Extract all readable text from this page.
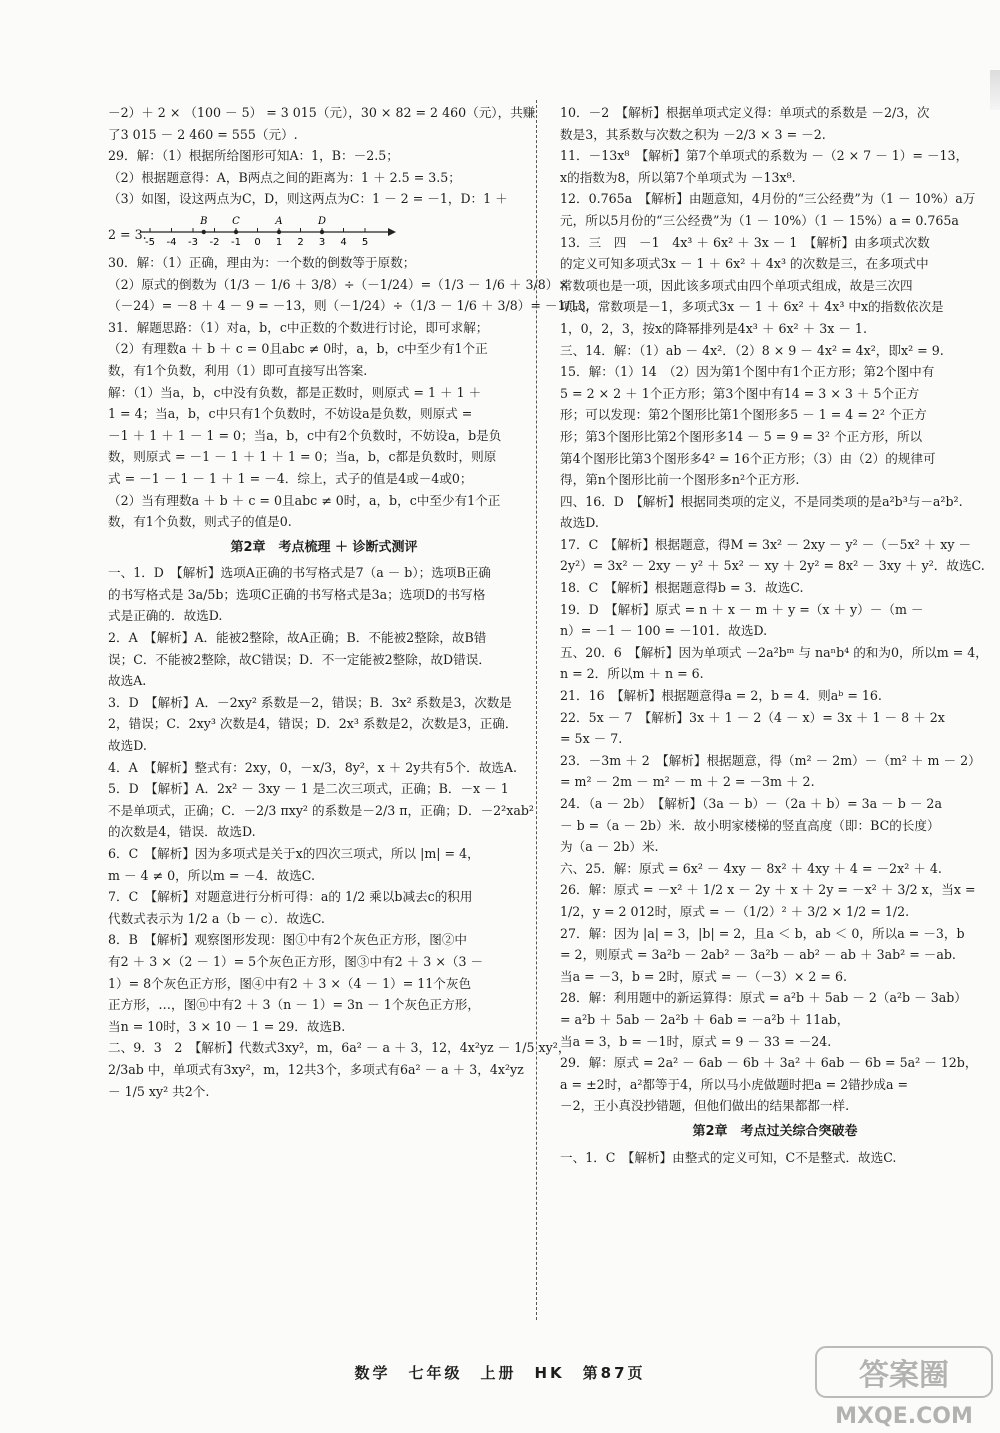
－2）＋ 2 × （100 － 5） = 3 015（元），30 × 82 = 2 460（元），共赚
了3 015 － 2 460 = 555（元）.
29．解：（1）根据所给图形可知A：1，B：－2.5；
（2）根据题意得：A，B两点之间的距离为：1 ＋ 2.5 = 3.5；
（3）如图，设这两点为C，D，则这两点为C：1 － 2 = －1，D：1 ＋
2 = 3.
-5 -4 -3 -2 -1 0 1 2 3 4 5
B C	A	D
30．解：（1）正确，理由为：一个数的倒数等于原数；
（2）原式的倒数为（1/3 － 1/6 ＋ 3/8）÷（－1/24）=（1/3 － 1/6 ＋ 3/8）×
（－24）= －8 ＋ 4 － 9 = －13，则（－1/24）÷（1/3 － 1/6 ＋ 3/8）= －1/13.
31．解题思路：（1）对a，b，c中正数的个数进行讨论，即可求解；
（2）有理数a ＋ b ＋ c = 0且abc ≠ 0时，a，b，c中至少有1个正
数，有1个负数，利用（1）即可直接写出答案.
解：（1）当a，b，c中没有负数，都是正数时，则原式 = 1 ＋ 1 ＋
1 = 4；当a，b，c中只有1个负数时，不妨设a是负数，则原式 =
－1 ＋ 1 ＋ 1 － 1 = 0；当a，b，c中有2个负数时，不妨设a，b是负
数，则原式 = －1 － 1 ＋ 1 ＋ 1 = 0；当a，b，c都是负数时，则原
式 = －1 － 1 － 1 ＋ 1 = －4．综上，式子的值是4或－4或0；
（2）当有理数a ＋ b ＋ c = 0且abc ≠ 0时，a，b，c中至少有1个正
数，有1个负数，则式子的值是0.
第2章　考点梳理 ＋ 诊断式测评
一、1．D　【解析】选项A正确的书写格式是7（a － b）；选项B正确
的书写格式是 3a/5b；选项C正确的书写格式是3a；选项D的书写格
式是正确的．故选D.
2．A　【解析】A．能被2整除，故A正确；B．不能被2整除，故B错
误；C．不能被2整除，故C错误；D．不一定能被2整除，故D错误．
故选A.
3．D　【解析】A．－2xy² 系数是－2，错误；B．3x² 系数是3，次数是
2，错误；C．2xy³ 次数是4，错误；D．2x³ 系数是2，次数是3，正确．
故选D.
4．A　【解析】整式有：2xy，0，－x/3，8y²，x ＋ 2y共有5个．故选A.
5．D　【解析】A．2x² － 3xy － 1 是二次三项式，正确；B．－x － 1
不是单项式，正确；C．－2/3 πxy² 的系数是－2/3 π，正确；D．－2²xab²
的次数是4，错误．故选D.
6．C　【解析】因为多项式是关于x的四次三项式，所以 |m| = 4，
m － 4 ≠ 0，所以m = －4．故选C.
7．C　【解析】对题意进行分析可得：a的 1/2 乘以b减去c的积用
代数式表示为 1/2 a（b － c）．故选C.
8．B　【解析】观察图形发现：图①中有2个灰色正方形，图②中
有2 ＋ 3 ×（2 － 1）= 5个灰色正方形，图③中有2 ＋ 3 ×（3 －
1）= 8个灰色正方形，图④中有2 ＋ 3 ×（4 － 1）= 11个灰色
正方形，…，图ⓝ中有2 ＋ 3（n － 1）= 3n － 1个灰色正方形，
当n = 10时，3 × 10 － 1 = 29．故选B.
二、9．3　2　【解析】代数式3xy²，m，6a² － a ＋ 3，12，4x²yz － 1/5 xy²，
2/3ab 中，单项式有3xy²，m，12共3个，多项式有6a² － a ＋ 3，4x²yz
－ 1/5 xy² 共2个.
10．－2　【解析】根据单项式定义得：单项式的系数是 －2/3，次
数是3，其系数与次数之积为 －2/3 × 3 = －2.
11．－13x⁸　【解析】第7个单项式的系数为 －（2 × 7 － 1）= －13，
x的指数为8，所以第7个单项式为 －13x⁸.
12．0.765a　【解析】由题意知，4月份的“三公经费”为（1 － 10%）a万
元，所以5月份的“三公经费”为（1 － 10%）（1 － 15%）a = 0.765a
13．三　四　－1　4x³ ＋ 6x² ＋ 3x － 1　【解析】由多项式次数
的定义可知多项式3x － 1 ＋ 6x² ＋ 4x³ 的次数是三，在多项式中
常数项也是一项，因此该多项式由四个单项式组成，故是三次四
项式，常数项是－1，多项式3x － 1 ＋ 6x² ＋ 4x³ 中x的指数依次是
1，0，2，3，按x的降幂排列是4x³ ＋ 6x² ＋ 3x － 1.
三、14．解：（1）ab － 4x²．（2）8 × 9 － 4x² = 4x²，即x² = 9.
15．解：（1）14　（2）因为第1个图中有1个正方形；第2个图中有
5 = 2 × 2 ＋ 1个正方形；第3个图中有14 = 3 × 3 ＋ 5个正方
形；可以发现：第2个图形比第1个图形多5 － 1 = 4 = 2² 个正方
形；第3个图形比第2个图形多14 － 5 = 9 = 3² 个正方形，所以
第4个图形比第3个图形多4² = 16个正方形；（3）由（2）的规律可
得，第n个图形比前一个图形多n²个正方形.
四、16．D　【解析】根据同类项的定义，不是同类项的是a²b³与－a²b².
故选D.
17．C　【解析】根据题意，得M = 3x² － 2xy － y² －（－5x² ＋ xy －
2y²）= 3x² － 2xy － y² ＋ 5x² － xy ＋ 2y² = 8x² － 3xy ＋ y²．故选C.
18．C　【解析】根据题意得b = 3．故选C.
19．D　【解析】原式 = n ＋ x － m ＋ y =（x ＋ y）－（m －
n）= －1 － 100 = －101．故选D.
五、20．6　【解析】因为单项式 －2a²bᵐ 与 naⁿb⁴ 的和为0，所以m = 4，
n = 2．所以m ＋ n = 6.
21．16　【解析】根据题意得a = 2，b = 4．则aᵇ = 16.
22．5x － 7　【解析】3x ＋ 1 － 2（4 － x）= 3x ＋ 1 － 8 ＋ 2x
= 5x － 7.
23．－3m ＋ 2　【解析】根据题意，得（m² － 2m）－（m² ＋ m － 2）
= m² － 2m － m² － m ＋ 2 = －3m ＋ 2.
24．（a － 2b）　【解析】（3a － b）－（2a ＋ b）= 3a － b － 2a
－ b =（a － 2b）米．故小明家楼梯的竖直高度（即：BC的长度）
为（a － 2b）米.
六、25．解：原式 = 6x² － 4xy － 8x² ＋ 4xy ＋ 4 = －2x² ＋ 4.
26．解：原式 = －x² ＋ 1/2 x － 2y ＋ x ＋ 2y = －x² ＋ 3/2 x，当x =
1/2，y = 2 012时，原式 = －（1/2）² ＋ 3/2 × 1/2 = 1/2.
27．解：因为 |a| = 3，|b| = 2，且a ＜ b，ab ＜ 0，所以a = －3，b
= 2，则原式 = 3a²b － 2ab² － 3a²b － ab² － ab ＋ 3ab² = －ab.
当a = －3，b = 2时，原式 = －（－3）× 2 = 6.
28．解：利用题中的新运算得：原式 = a²b ＋ 5ab － 2（a²b － 3ab）
= a²b ＋ 5ab － 2a²b ＋ 6ab = －a²b ＋ 11ab，
当a = 3，b = －1时，原式 = 9 － 33 = －24.
29．解：原式 = 2a² － 6ab － 6b ＋ 3a² ＋ 6ab － 6b = 5a² － 12b，
a = ±2时，a²都等于4，所以马小虎做题时把a = 2错抄成a =
－2，王小真没抄错题，但他们做出的结果都都一样.
第2章　考点过关综合突破卷
一、1．C　【解析】由整式的定义可知，C不是整式．故选C.
数学　七年级　上册　HK　第87页	答案圈
MXQE.COM
